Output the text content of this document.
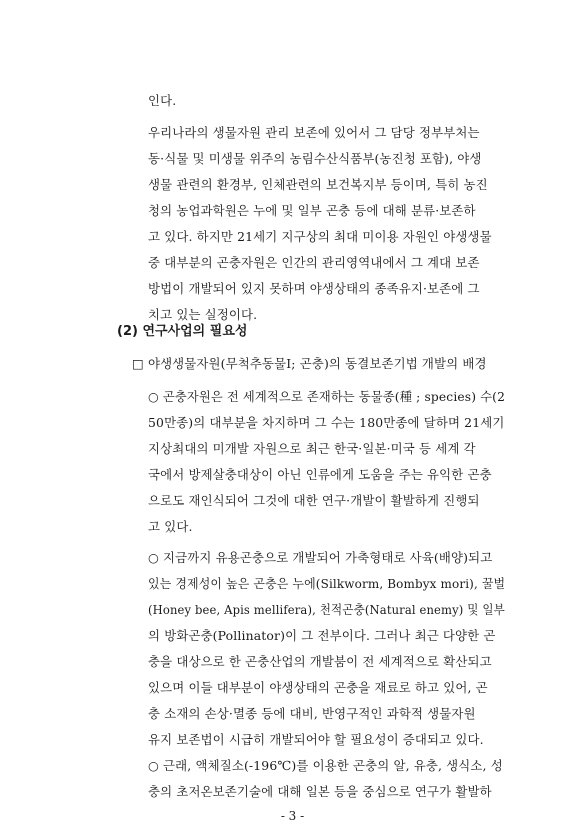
인다.
우리나라의 생물자원 관리 보존에 있어서 그 담당 정부부처는
동·식물 및 미생물 위주의 농림수산식품부(농진청 포함), 야생
생물 관련의 환경부, 인체관련의 보건복지부 등이며, 특히 농진
청의 농업과학원은 누에 및 일부 곤충 등에 대해 분류·보존하
고 있다. 하지만 21세기 지구상의 최대 미이용 자원인 야생생물
중 대부분의 곤충자원은 인간의 관리영역내에서 그 계대 보존
방법이 개발되어 있지 못하며 야생상태의 종족유지·보존에 그
치고 있는 실정이다.
(2) 연구사업의 필요성
□ 야생생물자원(무척추동물Ⅰ; 곤충)의 동결보존기법 개발의 배경
○ 곤충자원은 전 세계적으로 존재하는 동물종(種 ; species) 수(2
50만종)의 대부분을 차지하며 그 수는 180만종에 달하며 21세기
지상최대의 미개발 자원으로 최근 한국·일본·미국 등 세계 각
국에서 방제살충대상이 아닌 인류에게 도움을 주는 유익한 곤충
으로도 재인식되어 그것에 대한 연구·개발이 활발하게 진행되
고 있다.
○ 지금까지 유용곤충으로 개발되어 가축형태로 사육(배양)되고
있는 경제성이 높은 곤충은 누에(Silkworm, Bombyx mori), 꿀벌
(Honey bee, Apis mellifera), 천적곤충(Natural enemy) 및 일부
의 방화곤충(Pollinator)이 그 전부이다. 그러나 최근 다양한 곤
충을 대상으로 한 곤충산업의 개발붐이 전 세계적으로 확산되고
있으며 이들 대부분이 야생상태의 곤충을 재료로 하고 있어, 곤
충 소재의 손상·멸종 등에 대비, 반영구적인 과학적 생물자원
유지 보존법이 시급히 개발되어야 할 필요성이 증대되고 있다.
○ 근래, 액체질소(-196℃)를 이용한 곤충의 알, 유충, 생식소, 성
충의 초저온보존기술에 대해 일본 등을 중심으로 연구가 활발하
- 3 -
